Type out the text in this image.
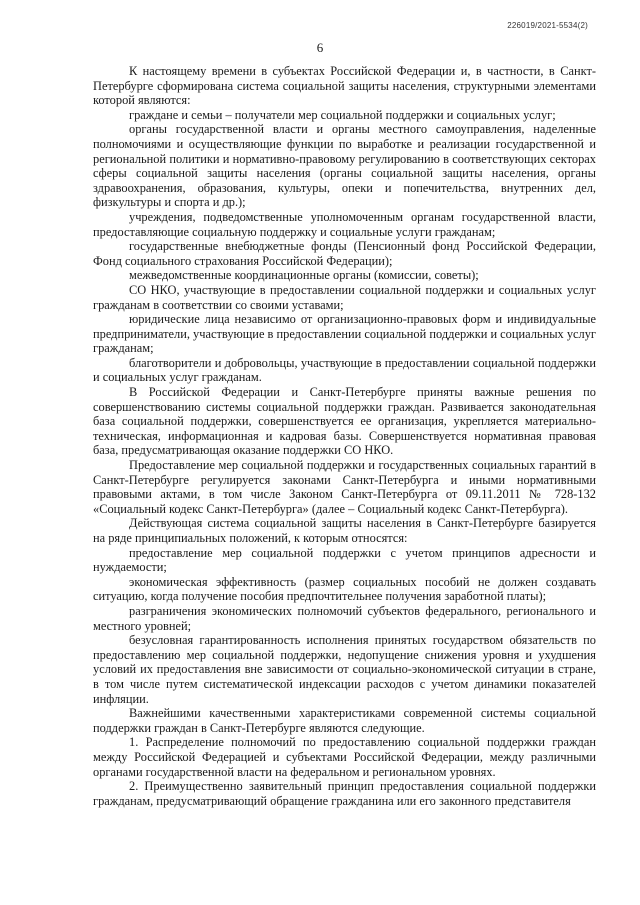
226019/2021-5534(2)
6

К настоящему времени в субъектах Российской Федерации и, в частности, в Санкт-Петербурге сформирована система социальной защиты населения, структурными элементами которой являются:

граждане и семьи – получатели мер социальной поддержки и социальных услуг;

органы государственной власти и органы местного самоуправления, наделенные полномочиями и осуществляющие функции по выработке и реализации государственной и региональной политики и нормативно-правовому регулированию в соответствующих секторах сферы социальной защиты населения (органы социальной защиты населения, органы здравоохранения, образования, культуры, опеки и попечительства, внутренних дел, физкультуры и спорта и др.);

учреждения, подведомственные уполномоченным органам государственной власти, предоставляющие социальную поддержку и социальные услуги гражданам;

государственные внебюджетные фонды (Пенсионный фонд Российской Федерации, Фонд социального страхования Российской Федерации);

межведомственные координационные органы (комиссии, советы);

СО НКО, участвующие в предоставлении социальной поддержки и социальных услуг гражданам в соответствии со своими уставами;

юридические лица независимо от организационно-правовых форм и индивидуальные предприниматели, участвующие в предоставлении социальной поддержки и социальных услуг гражданам;

благотворители и добровольцы, участвующие в предоставлении социальной поддержки и социальных услуг гражданам.

В Российской Федерации и Санкт-Петербурге приняты важные решения по совершенствованию системы социальной поддержки граждан. Развивается законодательная база социальной поддержки, совершенствуется ее организация, укрепляется материально-техническая, информационная и кадровая базы. Совершенствуется нормативная правовая база, предусматривающая оказание поддержки СО НКО.

Предоставление мер социальной поддержки и государственных социальных гарантий в Санкт-Петербурге регулируется законами Санкт-Петербурга и иными нормативными правовыми актами, в том числе Законом Санкт-Петербурга от 09.11.2011 № 728-132 «Социальный кодекс Санкт-Петербурга» (далее – Социальный кодекс Санкт-Петербурга).

Действующая система социальной защиты населения в Санкт-Петербурге базируется на ряде принципиальных положений, к которым относятся:

предоставление мер социальной поддержки с учетом принципов адресности и нуждаемости;

экономическая эффективность (размер социальных пособий не должен создавать ситуацию, когда получение пособия предпочтительнее получения заработной платы);

разграничения экономических полномочий субъектов федерального, регионального и местного уровней;

безусловная гарантированность исполнения принятых государством обязательств по предоставлению мер социальной поддержки, недопущение снижения уровня и ухудшения условий их предоставления вне зависимости от социально-экономической ситуации в стране, в том числе путем систематической индексации расходов с учетом динамики показателей инфляции.

Важнейшими качественными характеристиками современной системы социальной поддержки граждан в Санкт-Петербурге являются следующие.

1. Распределение полномочий по предоставлению социальной поддержки граждан между Российской Федерацией и субъектами Российской Федерации, между различными органами государственной власти на федеральном и региональном уровнях.

2. Преимущественно заявительный принцип предоставления социальной поддержки гражданам, предусматривающий обращение гражданина или его законного представителя
